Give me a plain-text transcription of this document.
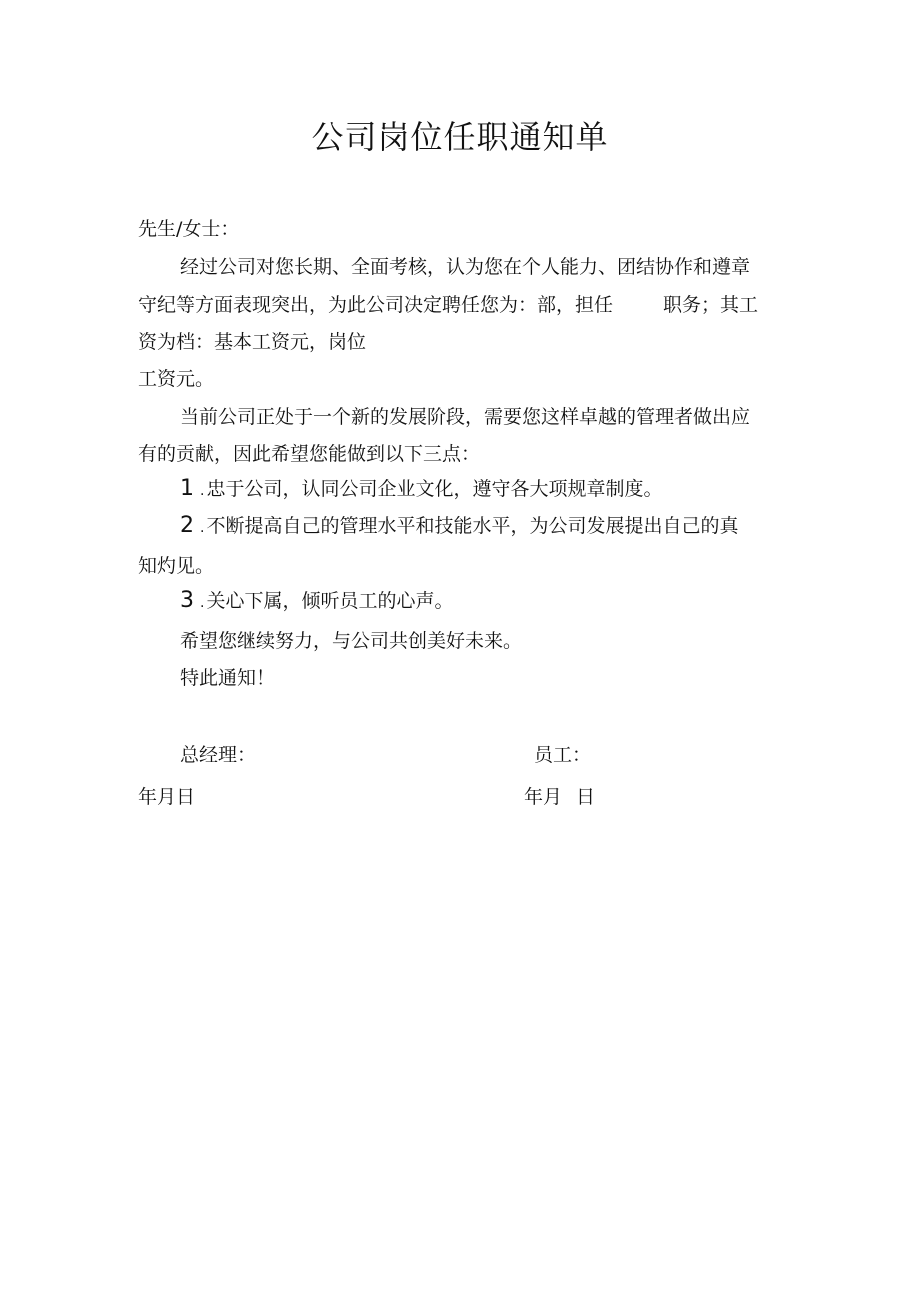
公司岗位任职通知单
先生/女士：
经过公司对您长期、全面考核，认为您在个人能力、团结协作和遵章
守纪等方面表现突出，为此公司决定聘任您为：部，担任	职务；其工
资为档：基本工资元，岗位
工资元。
当前公司正处于一个新的发展阶段，需要您这样卓越的管理者做出应
有的贡献，因此希望您能做到以下三点：
1 . 忠于公司，认同公司企业文化，遵守各大项规章制度。
2 . 不断提高自己的管理水平和技能水平，为公司发展提出自己的真
知灼见。
3 . 关心下属，倾听员工的心声。
希望您继续努力，与公司共创美好未来。
特此通知！
总经理：	员工：
年月日	年月 日
